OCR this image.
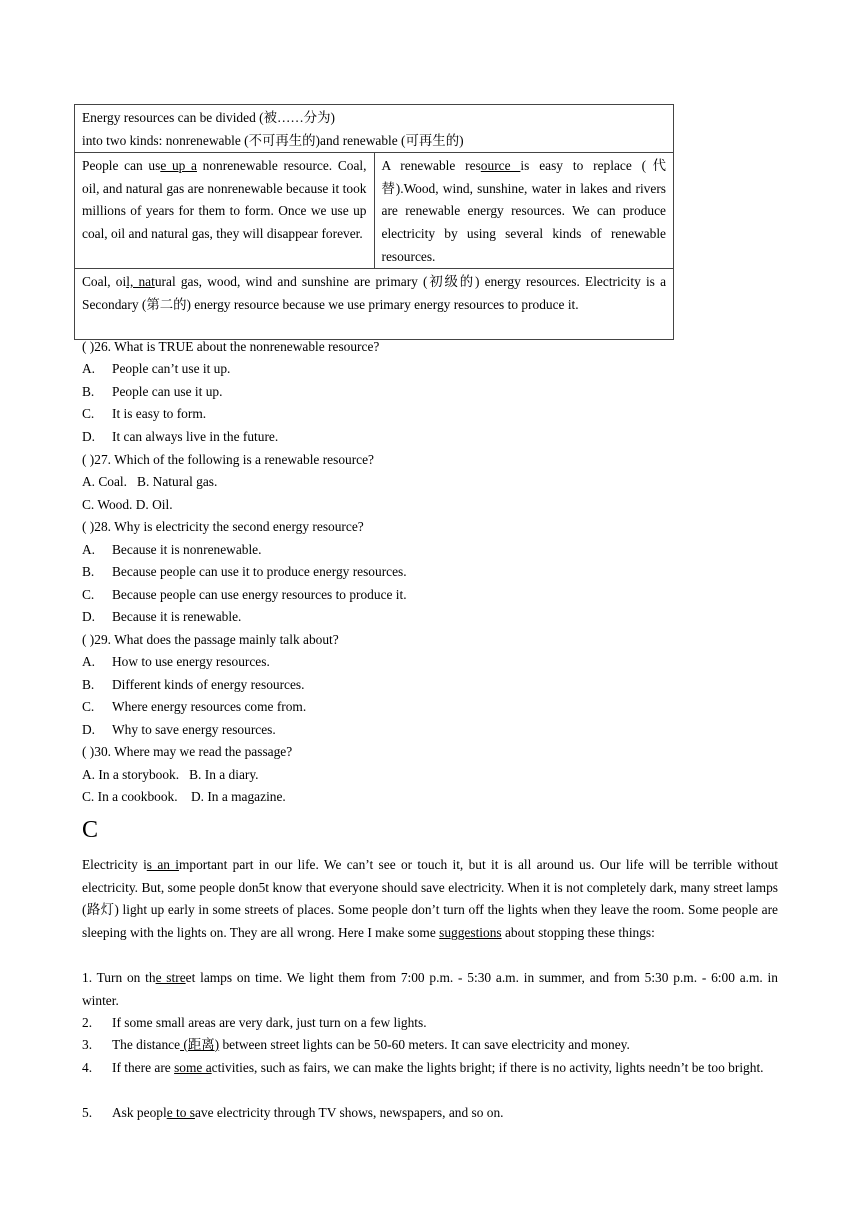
Energy resources can be divided (被……分为)
into two kinds: nonrenewable (不可再生的)and renewable (可再生的)

People can use up a nonrenewable resource. Coal, oil, and natural gas are nonrenewable because it took millions of years for them to form. Once we use up coal, oil and natural gas, they will disappear forever.	A renewable resource is easy to replace (代替).Wood, wind, sunshine, water in lakes and rivers are renewable energy resources. We can produce electricity by using several kinds of renewable resources.
Coal, oil, natural gas, wood, wind and sunshine are primary (初级的) energy resources. Electricity is a Secondary (第二的) energy resource because we use primary energy resources to produce it.
( )26. What is TRUE about the nonrenewable resource?
A. People can’t use it up.
B. People can use it up.
C. It is easy to form.
D. It can always live in the future.
( )27. Which of the following is a renewable resource?
A. Coal.   B. Natural gas.
C. Wood. D. Oil.
( )28. Why is electricity the second energy resource?
A. Because it is nonrenewable.
B. Because people can use it to produce energy resources.
C. Because people can use energy resources to produce it.
D. Because it is renewable.
( )29. What does the passage mainly talk about?
A. How to use energy resources.
B. Different kinds of energy resources.
C. Where energy resources come from.
D. Why to save energy resources.
( )30. Where may we read the passage?
A. In a storybook.   B. In a diary.
C. In a cookbook.    D. In a magazine.
C
Electricity is an important part in our life. We can’t see or touch it, but it is all around us. Our life will be terrible without electricity. But, some people don5t know that everyone should save electricity. When it is not completely dark, many street lamps (路灯) light up early in some streets of places. Some people don’t turn off the lights when they leave the room. Some people are sleeping with the lights on. They are all wrong. Here I make some suggestions about stopping these things:
1. Turn on the street lamps on time. We light them from 7:00 p.m. - 5:30 a.m. in summer, and from 5:30 p.m. - 6:00 a.m. in winter.
2. If some small areas are very dark, just turn on a few lights.
3. The distance (距离) between street lights can be 50-60 meters. It can save electricity and money.
4. If there are some activities, such as fairs, we can make the lights bright; if there is no activity, lights needn’t be too bright.
5. Ask people to save electricity through TV shows, newspapers, and so on.
